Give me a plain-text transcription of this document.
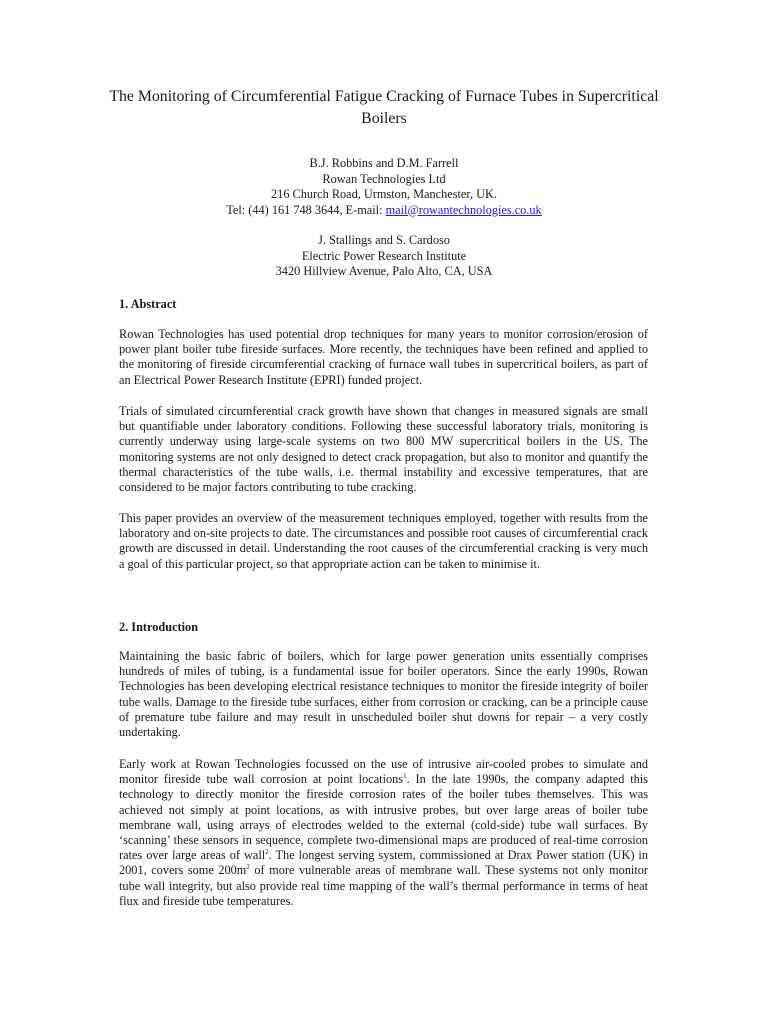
The Monitoring of Circumferential Fatigue Cracking of Furnace Tubes in Supercritical Boilers
B.J. Robbins and D.M. Farrell
Rowan Technologies Ltd
216 Church Road, Urmston, Manchester, UK.
Tel: (44) 161 748 3644, E-mail: mail@rowantechnologies.co.uk
J. Stallings and S. Cardoso
Electric Power Research Institute
3420 Hillview Avenue, Palo Alto, CA, USA
1. Abstract
Rowan Technologies has used potential drop techniques for many years to monitor corrosion/erosion of power plant boiler tube fireside surfaces. More recently, the techniques have been refined and applied to the monitoring of fireside circumferential cracking of furnace wall tubes in supercritical boilers, as part of an Electrical Power Research Institute (EPRI) funded project.
Trials of simulated circumferential crack growth have shown that changes in measured signals are small but quantifiable under laboratory conditions. Following these successful laboratory trials, monitoring is currently underway using large-scale systems on two 800 MW supercritical boilers in the US. The monitoring systems are not only designed to detect crack propagation, but also to monitor and quantify the thermal characteristics of the tube walls, i.e. thermal instability and excessive temperatures, that are considered to be major factors contributing to tube cracking.
This paper provides an overview of the measurement techniques employed, together with results from the laboratory and on-site projects to date. The circumstances and possible root causes of circumferential crack growth are discussed in detail. Understanding the root causes of the circumferential cracking is very much a goal of this particular project, so that appropriate action can be taken to minimise it.
2. Introduction
Maintaining the basic fabric of boilers, which for large power generation units essentially comprises hundreds of miles of tubing, is a fundamental issue for boiler operators. Since the early 1990s, Rowan Technologies has been developing electrical resistance techniques to monitor the fireside integrity of boiler tube walls. Damage to the fireside tube surfaces, either from corrosion or cracking, can be a principle cause of premature tube failure and may result in unscheduled boiler shut downs for repair – a very costly undertaking.
Early work at Rowan Technologies focussed on the use of intrusive air-cooled probes to simulate and monitor fireside tube wall corrosion at point locations$^1$. In the late 1990s, the company adapted this technology to directly monitor the fireside corrosion rates of the boiler tubes themselves. This was achieved not simply at point locations, as with intrusive probes, but over large areas of boiler tube membrane wall, using arrays of electrodes welded to the external (cold-side) tube wall surfaces. By ‘scanning’ these sensors in sequence, complete two-dimensional maps are produced of real-time corrosion rates over large areas of wall$^2$. The longest serving system, commissioned at Drax Power station (UK) in 2001, covers some $200m^2$ of more vulnerable areas of membrane wall. These systems not only monitor tube wall integrity, but also provide real time mapping of the wall’s thermal performance in terms of heat flux and fireside tube temperatures.
